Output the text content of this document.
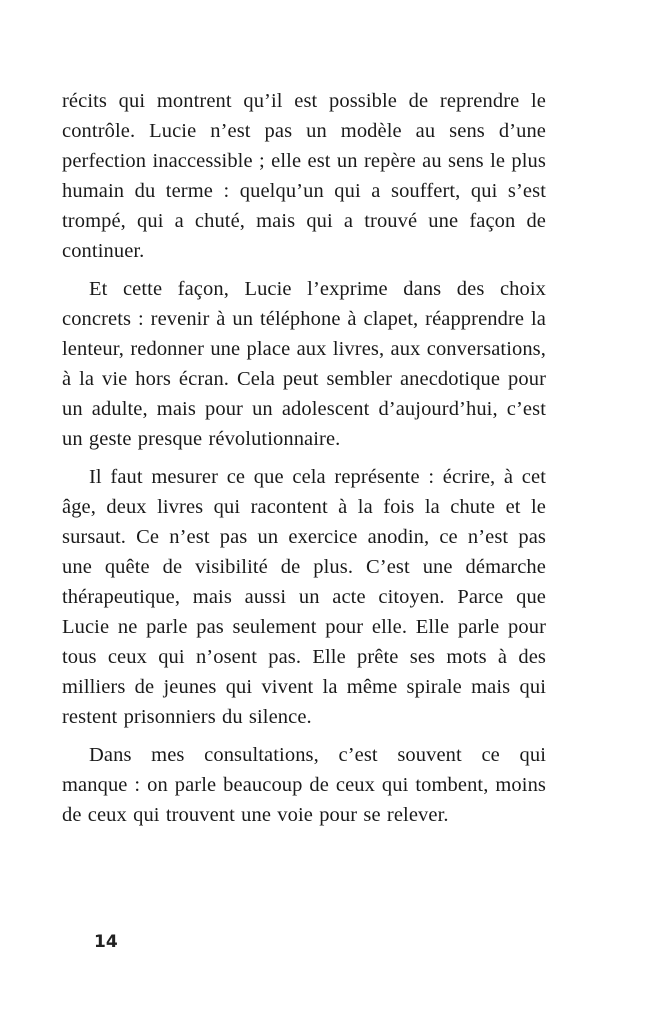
récits qui montrent qu’il est possible de reprendre le contrôle. Lucie n’est pas un modèle au sens d’une perfection inaccessible ; elle est un repère au sens le plus humain du terme : quelqu’un qui a souffert, qui s’est trompé, qui a chuté, mais qui a trouvé une façon de continuer.

Et cette façon, Lucie l’exprime dans des choix concrets : revenir à un téléphone à clapet, réapprendre la lenteur, redonner une place aux livres, aux conversations, à la vie hors écran. Cela peut sembler anecdotique pour un adulte, mais pour un adolescent d’aujourd’hui, c’est un geste presque révolutionnaire.

Il faut mesurer ce que cela représente : écrire, à cet âge, deux livres qui racontent à la fois la chute et le sursaut. Ce n’est pas un exercice anodin, ce n’est pas une quête de visibilité de plus. C’est une démarche thérapeutique, mais aussi un acte citoyen. Parce que Lucie ne parle pas seulement pour elle. Elle parle pour tous ceux qui n’osent pas. Elle prête ses mots à des milliers de jeunes qui vivent la même spirale mais qui restent prisonniers du silence.

Dans mes consultations, c’est souvent ce qui manque : on parle beaucoup de ceux qui tombent, moins de ceux qui trouvent une voie pour se relever.

14
